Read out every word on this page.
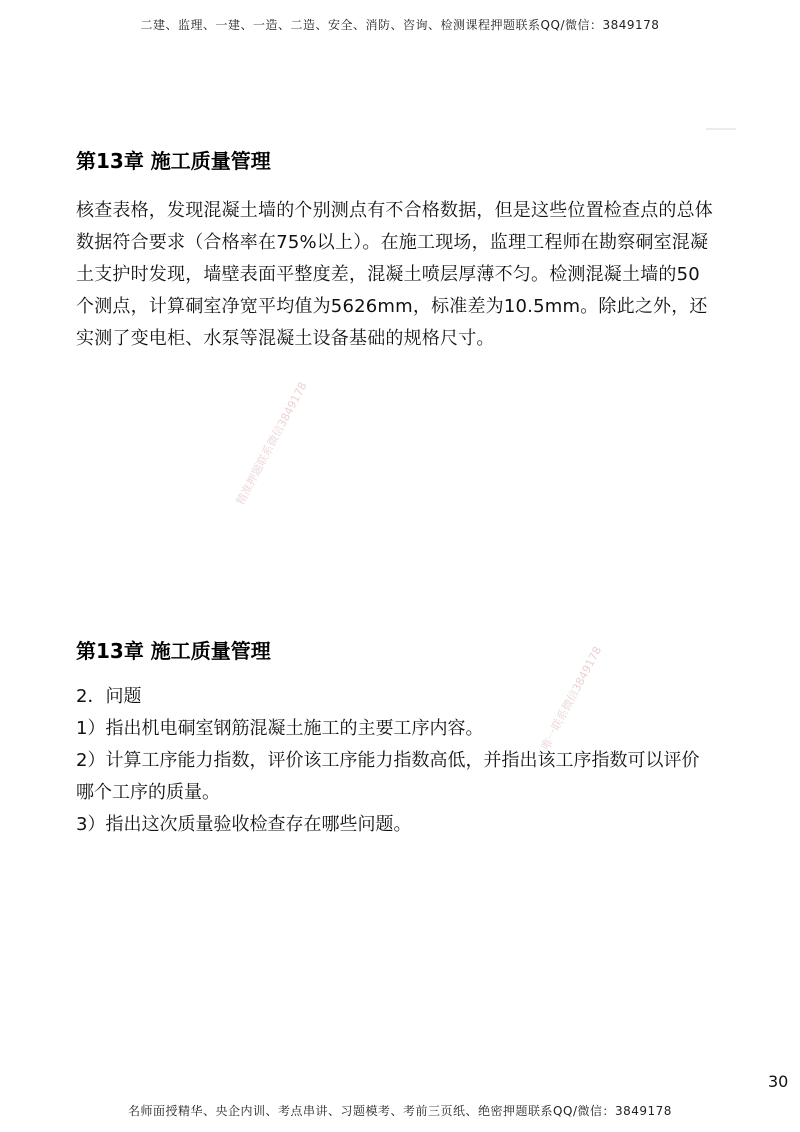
二建、监理、一建、一造、二造、安全、消防、咨询、检测课程押题联系QQ/微信：3849178
第13章 施工质量管理

核查表格，发现混凝土墙的个别测点有不合格数据，但是这些位置检查点的总体数据符合要求（合格率在75%以上）。在施工现场，监理工程师在勘察硐室混凝土支护时发现，墙壁表面平整度差，混凝土喷层厚薄不匀。检测混凝土墙的50个测点，计算硐室净宽平均值为5626mm，标准差为10.5mm。除此之外，还实测了变电柜、水泵等混凝土设备基础的规格尺寸。

精准押题联系微信3849178
第13章 施工质量管理
2．问题
1）指出机电硐室钢筋混凝土施工的主要工序内容。
2）计算工序能力指数，评价该工序能力指数高低，并指出该工序指数可以评价哪个工序的质量。
3）指出这次质量验收检查存在哪些问题。
唯一联系微信3849178
30
名师面授精华、央企内训、考点串讲、习题模考、考前三页纸、绝密押题联系QQ/微信：3849178
